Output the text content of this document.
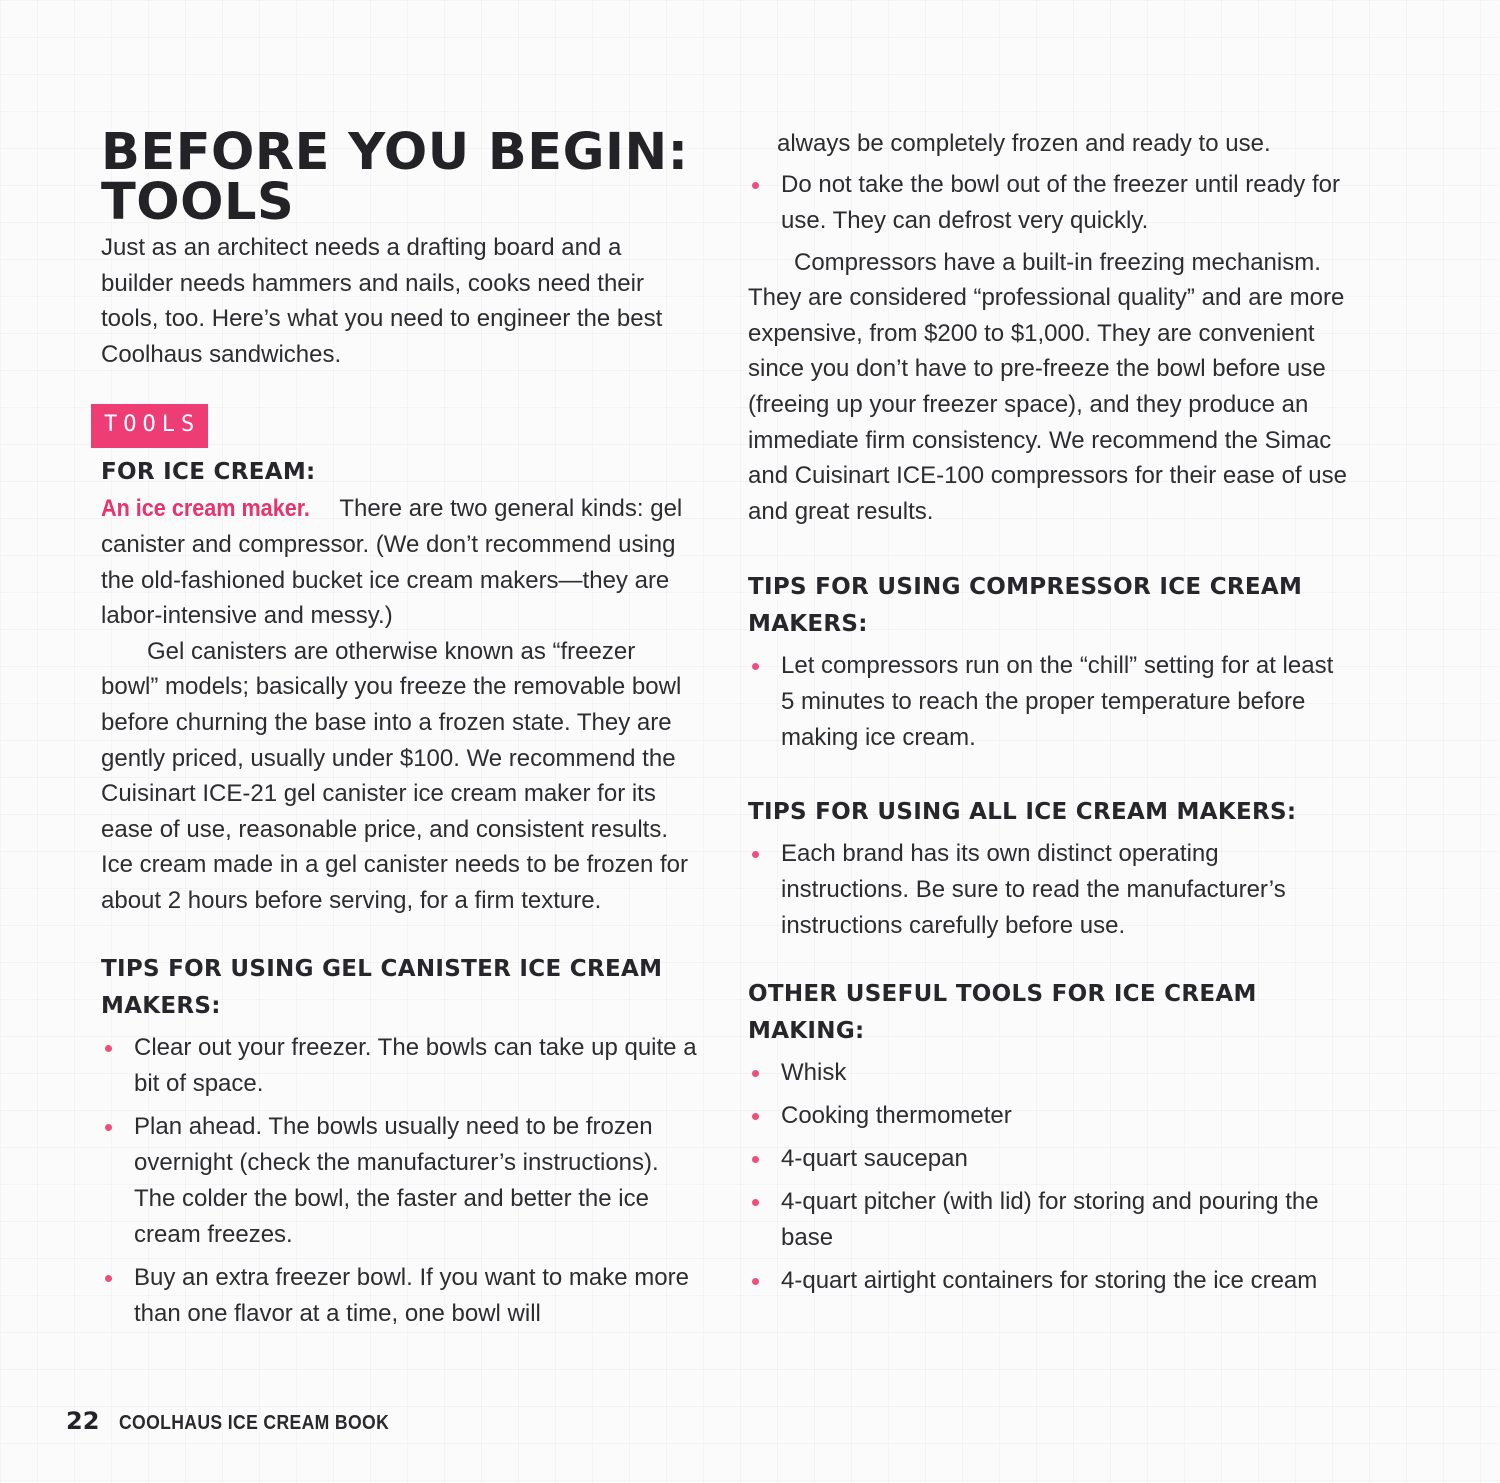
BEFORE YOU BEGIN: TOOLS

Just as an architect needs a drafting board and a builder needs hammers and nails, cooks need their tools, too. Here’s what you need to engineer the best Coolhaus sandwiches.

TOOLS
FOR ICE CREAM:

An ice cream maker. There are two general kinds: gel canister and compressor. (We don’t recommend using the old-fashioned bucket ice cream makers—they are labor-intensive and messy.)

Gel canisters are otherwise known as “freezer bowl” models; basically you freeze the removable bowl before churning the base into a frozen state. They are gently priced, usually under $100. We recommend the Cuisinart ICE-21 gel canister ice cream maker for its ease of use, reasonable price, and consistent results. Ice cream made in a gel canister needs to be frozen for about 2 hours before serving, for a firm texture.

TIPS FOR USING GEL CANISTER ICE CREAM MAKERS:
Clear out your freezer. The bowls can take up quite a bit of space.
Plan ahead. The bowls usually need to be frozen overnight (check the manufacturer’s instructions). The colder the bowl, the faster and better the ice cream freezes.
Buy an extra freezer bowl. If you want to make more than one flavor at a time, one bowl will

always be completely frozen and ready to use.

Do not take the bowl out of the freezer until ready for use. They can defrost very quickly.

Compressors have a built-in freezing mechanism. They are considered “professional quality” and are more expensive, from $200 to $1,000. They are convenient since you don’t have to pre-freeze the bowl before use (freeing up your freezer space), and they produce an immediate firm consistency. We recommend the Simac and Cuisinart ICE-100 compressors for their ease of use and great results.

TIPS FOR USING COMPRESSOR ICE CREAM MAKERS:
Let compressors run on the “chill” setting for at least 5 minutes to reach the proper temperature before making ice cream.
TIPS FOR USING ALL ICE CREAM MAKERS:
Each brand has its own distinct operating instructions. Be sure to read the manufacturer’s instructions carefully before use.
OTHER USEFUL TOOLS FOR ICE CREAM MAKING:
Whisk
Cooking thermometer
4-quart saucepan
4-quart pitcher (with lid) for storing and pouring the base
4-quart airtight containers for storing the ice cream
22 COOLHAUS ICE CREAM BOOK
